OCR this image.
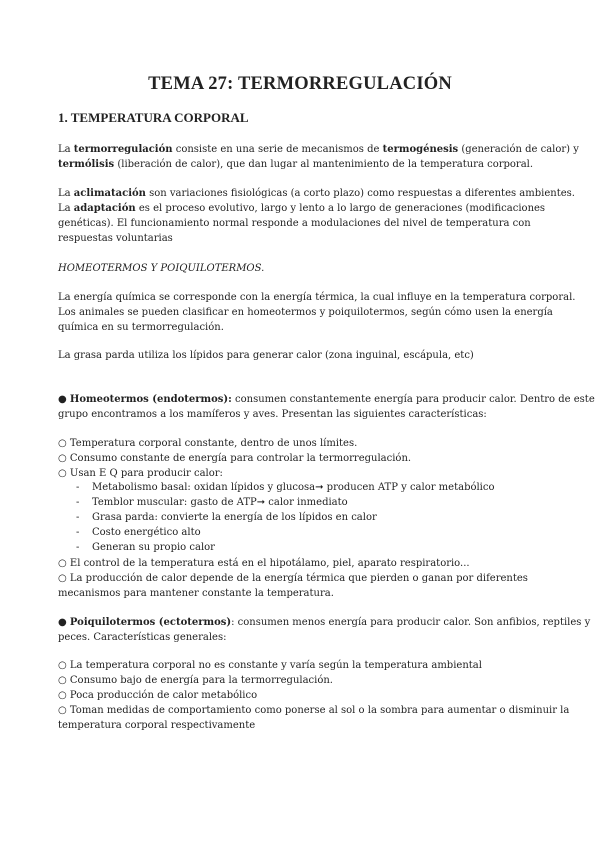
TEMA 27: TERMORREGULACIÓN
1. TEMPERATURA CORPORAL
La termorregulación consiste en una serie de mecanismos de termogénesis (generación de calor) y
termólisis (liberación de calor), que dan lugar al mantenimiento de la temperatura corporal.
La aclimatación son variaciones fisiológicas (a corto plazo) como respuestas a diferentes ambientes.
La adaptación es el proceso evolutivo, largo y lento a lo largo de generaciones (modificaciones
genéticas). El funcionamiento normal responde a modulaciones del nivel de temperatura con
respuestas voluntarias
HOMEOTERMOS Y POIQUILOTERMOS.
La energía química se corresponde con la energía térmica, la cual influye en la temperatura corporal.
Los animales se pueden clasificar en homeotermos y poiquilotermos, según cómo usen la energía
química en su termorregulación.
La grasa parda utiliza los lípidos para generar calor (zona inguinal, escápula, etc)
● Homeotermos (endotermos): consumen constantemente energía para producir calor. Dentro de este
grupo encontramos a los mamíferos y aves. Presentan las siguientes características:
○ Temperatura corporal constante, dentro de unos límites.
○ Consumo constante de energía para controlar la termorregulación.
○ Usan E Q para producir calor:
- Metabolismo basal: oxidan lípidos y glucosa➞ producen ATP y calor metabólico
- Temblor muscular: gasto de ATP➞ calor inmediato
- Grasa parda: convierte la energía de los lípidos en calor
- Costo energético alto
- Generan su propio calor
○ El control de la temperatura está en el hipotálamo, piel, aparato respiratorio...
○ La producción de calor depende de la energía térmica que pierden o ganan por diferentes
mecanismos para mantener constante la temperatura.
● Poiquilotermos (ectotermos): consumen menos energía para producir calor. Son anfibios, reptiles y
peces. Características generales:
○ La temperatura corporal no es constante y varía según la temperatura ambiental
○ Consumo bajo de energía para la termorregulación.
○ Poca producción de calor metabólico
○ Toman medidas de comportamiento como ponerse al sol o la sombra para aumentar o disminuir la
temperatura corporal respectivamente
